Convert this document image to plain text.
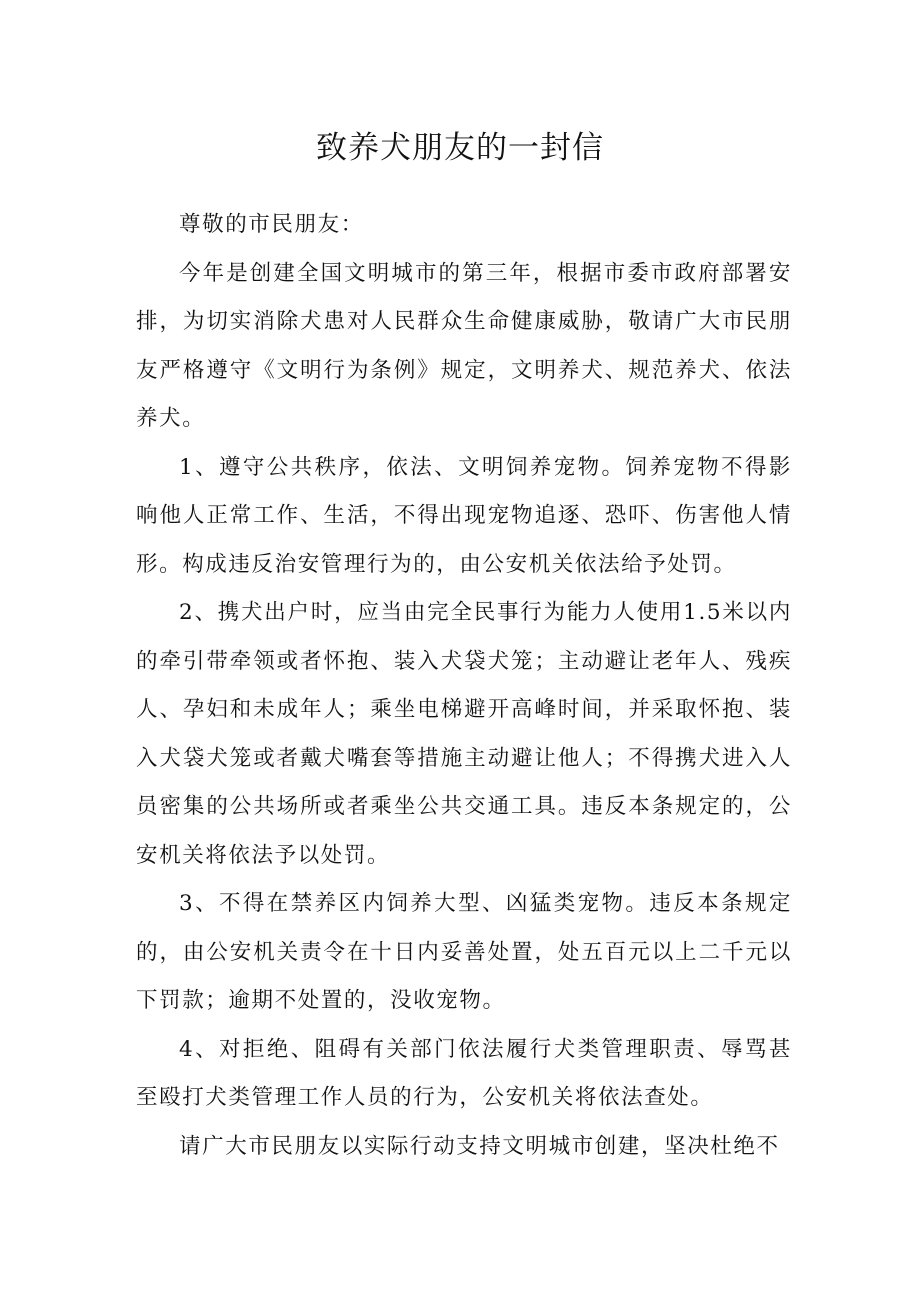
致养犬朋友的一封信

尊敬的市民朋友：

今年是创建全国文明城市的第三年，根据市委市政府部署安排，为切实消除犬患对人民群众生命健康威胁，敬请广大市民朋友严格遵守《文明行为条例》规定，文明养犬、规范养犬、依法养犬。

1、遵守公共秩序，依法、文明饲养宠物。饲养宠物不得影响他人正常工作、生活，不得出现宠物追逐、恐吓、伤害他人情形。构成违反治安管理行为的，由公安机关依法给予处罚。

2、携犬出户时，应当由完全民事行为能力人使用1.5米以内的牵引带牵领或者怀抱、装入犬袋犬笼；主动避让老年人、残疾人、孕妇和未成年人；乘坐电梯避开高峰时间，并采取怀抱、装入犬袋犬笼或者戴犬嘴套等措施主动避让他人；不得携犬进入人员密集的公共场所或者乘坐公共交通工具。违反本条规定的，公安机关将依法予以处罚。

3、不得在禁养区内饲养大型、凶猛类宠物。违反本条规定的，由公安机关责令在十日内妥善处置，处五百元以上二千元以下罚款；逾期不处置的，没收宠物。

4、对拒绝、阻碍有关部门依法履行犬类管理职责、辱骂甚至殴打犬类管理工作人员的行为，公安机关将依法查处。

请广大市民朋友以实际行动支持文明城市创建，坚决杜绝不
